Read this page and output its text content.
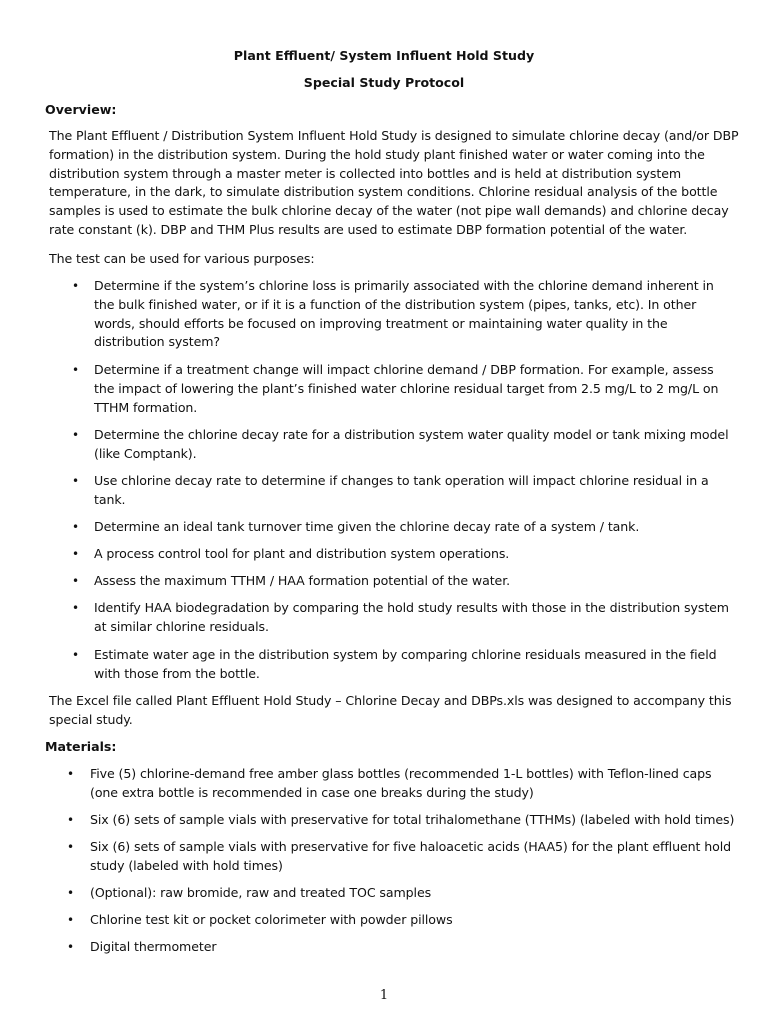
Plant Effluent/ System Influent Hold Study
Special Study Protocol
Overview:
The Plant Effluent / Distribution System Influent Hold Study is designed to simulate chlorine decay (and/or DBP formation) in the distribution system. During the hold study plant finished water or water coming into the distribution system through a master meter is collected into bottles and is held at distribution system temperature, in the dark, to simulate distribution system conditions. Chlorine residual analysis of the bottle samples is used to estimate the bulk chlorine decay of the water (not pipe wall demands) and chlorine decay rate constant (k). DBP and THM Plus results are used to estimate DBP formation potential of the water.
The test can be used for various purposes:
• Determine if the system’s chlorine loss is primarily associated with the chlorine demand inherent in the bulk finished water, or if it is a function of the distribution system (pipes, tanks, etc). In other words, should efforts be focused on improving treatment or maintaining water quality in the distribution system?
• Determine if a treatment change will impact chlorine demand / DBP formation. For example, assess the impact of lowering the plant’s finished water chlorine residual target from 2.5 mg/L to 2 mg/L on TTHM formation.
• Determine the chlorine decay rate for a distribution system water quality model or tank mixing model (like Comptank).
• Use chlorine decay rate to determine if changes to tank operation will impact chlorine residual in a tank.
• Determine an ideal tank turnover time given the chlorine decay rate of a system / tank.
• A process control tool for plant and distribution system operations.
• Assess the maximum TTHM / HAA formation potential of the water.
• Identify HAA biodegradation by comparing the hold study results with those in the distribution system at similar chlorine residuals.
• Estimate water age in the distribution system by comparing chlorine residuals measured in the field with those from the bottle.
The Excel file called Plant Effluent Hold Study – Chlorine Decay and DBPs.xls was designed to accompany this special study.
Materials:
• Five (5) chlorine-demand free amber glass bottles (recommended 1-L bottles) with Teflon-lined caps (one extra bottle is recommended in case one breaks during the study)
• Six (6) sets of sample vials with preservative for total trihalomethane (TTHMs) (labeled with hold times)
• Six (6) sets of sample vials with preservative for five haloacetic acids (HAA5) for the plant effluent hold study (labeled with hold times)
• (Optional): raw bromide, raw and treated TOC samples
• Chlorine test kit or pocket colorimeter with powder pillows
• Digital thermometer
1
